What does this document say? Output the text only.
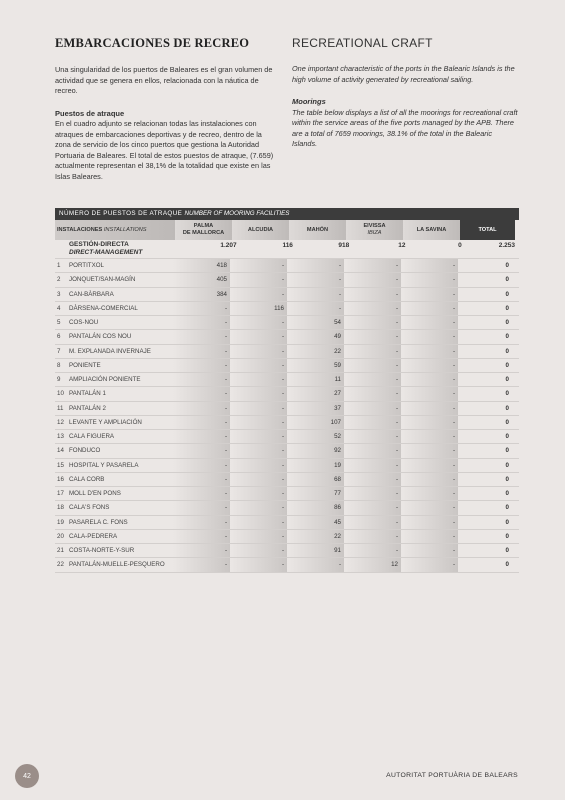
EMBARCACIONES DE RECREO

Una singularidad de los puertos de Baleares es el gran volumen de actividad que se genera en ellos, relacionada con la náutica de recreo.

Puestos de atraque

En el cuadro adjunto se relacionan todas las instalaciones con atraques de embarcaciones deportivas y de recreo, dentro de la zona de servicio de los cinco puertos que gestiona la Autoridad Portuaria de Baleares. El total de estos puestos de atraque, (7.659) actualmente representan el 38,1% de la totalidad que existe en las Islas Baleares.

RECREATIONAL CRAFT

One important characteristic of the ports in the Balearic Islands is the high volume of activity generated by recreational sailing.

Moorings

The table below displays a list of all the moorings for recreational craft within the service areas of the five ports managed by the APB. There are a total of 7659 moorings, 38.1% of the total in the Balearic Islands.

NÚMERO DE PUESTOS DE ATRAQUE NUMBER OF MOORING FACILITIES
INSTALACIONES
INSTALLATIONS
PALMA
DE MALLORCA
ALCUDIA	MAHÓN
EIVISSA
IBIZA
LA SAVINA	TOTAL
GESTIÓN-DIRECTA
DIRECT-MANAGEMENT
1.207	116	918	12	0	2.253
1	PORTITXOL	418	-	-	-	-	0
2	JONQUET/SAN-MAGÍN	405	-	-	-	-	0
3	CAN-BÀRBARA	384	-	-	-	-	0
4	DÀRSENA-COMERCIAL	-	116	-	-	-	0
5	COS-NOU	-	-	54	-	-	0
6	PANTALÁN COS NOU	-	-	49	-	-	0
7	M. EXPLANADA INVERNAJE	-	-	22	-	-	0
8	PONIENTE	-	-	59	-	-	0
9	AMPLIACIÓN PONIENTE	-	-	11	-	-	0
10 PANTALÁN 1	-	-	27	-	-	0
11 PANTALÁN 2	-	-	37	-	-	0
12 LEVANTE Y AMPLIACIÓN	-	-	107	-	-	0
13 CALA FIGUERA	-	-	52	-	-	0
14 FONDUCO	-	-	92	-	-	0
15 HOSPITAL Y PASARELA	-	-	19	-	-	0
16 CALA CORB	-	-	68	-	-	0
17 MOLL D'EN PONS	-	-	77	-	-	0
18 CALA'S FONS	-	-	86	-	-	0
19 PASARELA C. FONS	-	-	45	-	-	0
20 CALA-PEDRERA	-	-	22	-	-	0
21 COSTA-NORTE-Y-SUR	-	-	91	-	-	0
22 PANTALÁN-MUELLE-PESQUERO	-	-	-	12	-	0
42	AUTORITAT PORTUÀRIA DE BALEARS
